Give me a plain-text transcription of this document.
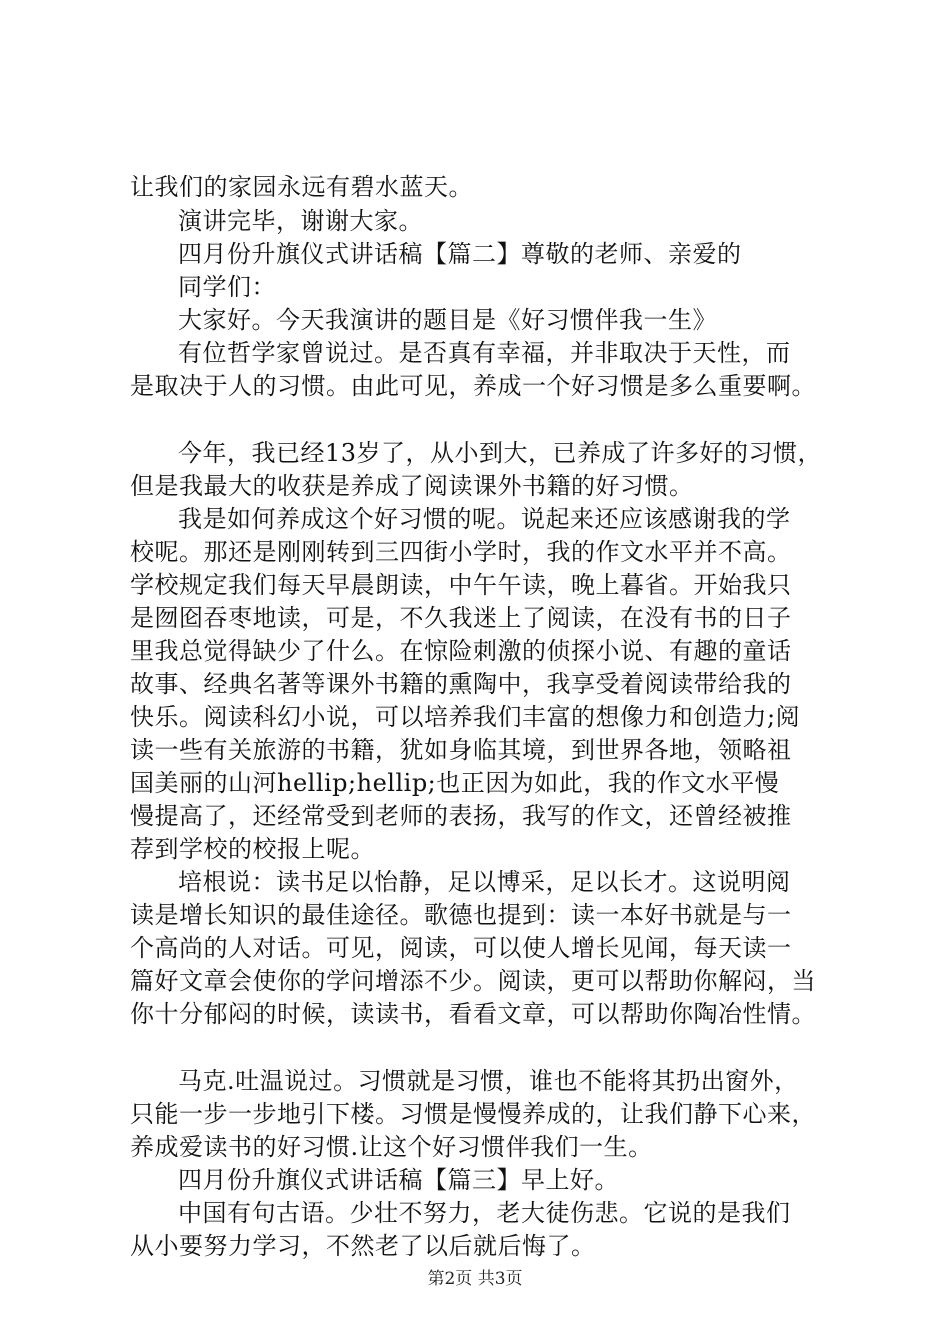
让我们的家园永远有碧水蓝天。
演讲完毕，谢谢大家。
四月份升旗仪式讲话稿【篇二】尊敬的老师、亲爱的
同学们：
大家好。今天我演讲的题目是《好习惯伴我一生》
有位哲学家曾说过。是否真有幸福，并非取决于天性，而
是取决于人的习惯。由此可见，养成一个好习惯是多么重要啊。
今年，我已经13岁了，从小到大，已养成了许多好的习惯，
但是我最大的收获是养成了阅读课外书籍的好习惯。
我是如何养成这个好习惯的呢。说起来还应该感谢我的学
校呢。那还是刚刚转到三四街小学时，我的作文水平并不高。
学校规定我们每天早晨朗读，中午午读，晚上暮省。开始我只
是囫囵吞枣地读，可是，不久我迷上了阅读，在没有书的日子
里我总觉得缺少了什么。在惊险刺激的侦探小说、有趣的童话
故事、经典名著等课外书籍的熏陶中，我享受着阅读带给我的
快乐。阅读科幻小说，可以培养我们丰富的想像力和创造力;阅
读一些有关旅游的书籍，犹如身临其境，到世界各地，领略祖
国美丽的山河hellip;hellip;也正因为如此，我的作文水平慢
慢提高了，还经常受到老师的表扬，我写的作文，还曾经被推
荐到学校的校报上呢。
培根说：读书足以怡静，足以博采，足以长才。这说明阅
读是增长知识的最佳途径。歌德也提到：读一本好书就是与一
个高尚的人对话。可见，阅读，可以使人增长见闻，每天读一
篇好文章会使你的学问增添不少。阅读，更可以帮助你解闷，当
你十分郁闷的时候，读读书，看看文章，可以帮助你陶冶性情。
马克.吐温说过。习惯就是习惯，谁也不能将其扔出窗外，
只能一步一步地引下楼。习惯是慢慢养成的，让我们静下心来，
养成爱读书的好习惯.让这个好习惯伴我们一生。
四月份升旗仪式讲话稿【篇三】早上好。
中国有句古语。少壮不努力，老大徒伤悲。它说的是我们
从小要努力学习，不然老了以后就后悔了。
第2页 共3页
